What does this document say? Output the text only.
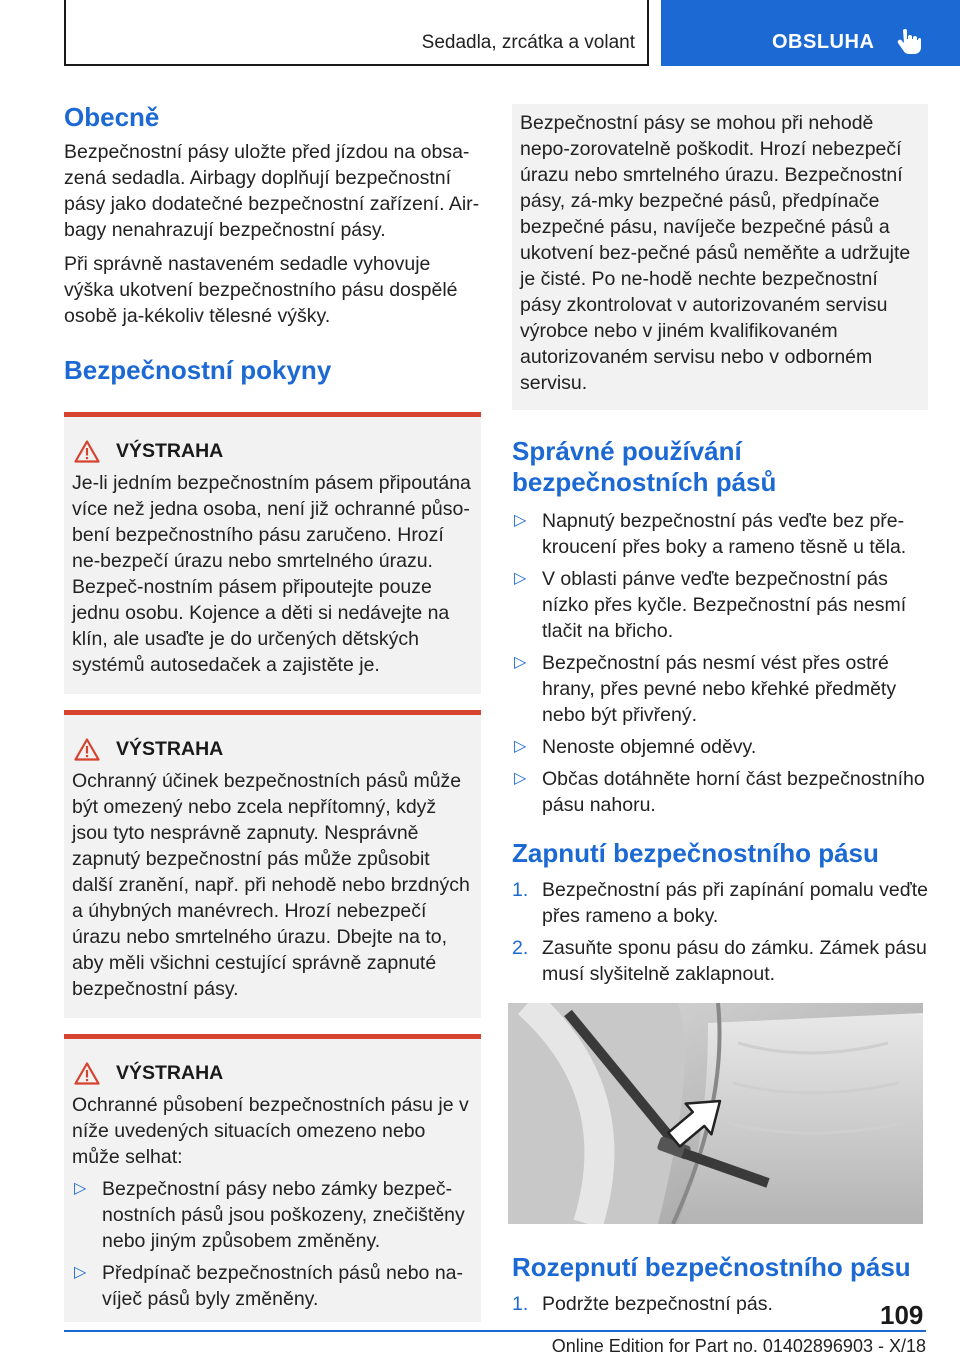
Sedadla, zrcátka a volant	OBSLUHA
Obecně
Bezpečnostní pásy uložte před jízdou na obsa-zená sedadla. Airbagy doplňují bezpečnostní pásy jako dodatečné bezpečnostní zařízení. Air-bagy nenahrazují bezpečnostní pásy.
Při správně nastaveném sedadle vyhovuje výška ukotvení bezpečnostního pásu dospělé osobě ja-kékoliv tělesné výšky.
Bezpečnostní pokyny
VÝSTRAHA
Je-li jedním bezpečnostním pásem připoutána více než jedna osoba, není již ochranné půso-bení bezpečnostního pásu zaručeno. Hrozí ne-bezpečí úrazu nebo smrtelného úrazu. Bezpeč-nostním pásem připoutejte pouze jednu osobu. Kojence a děti si nedávejte na klín, ale usaďte je do určených dětských systémů autosedaček a zajistěte je.
VÝSTRAHA
Ochranný účinek bezpečnostních pásů může být omezený nebo zcela nepřítomný, když jsou tyto nesprávně zapnuty. Nesprávně zapnutý bezpečnostní pás může způsobit další zranění, např. při nehodě nebo brzdných a úhybných manévrech. Hrozí nebezpečí úrazu nebo smrtelného úrazu. Dbejte na to, aby měli všichni cestující správně zapnuté bezpečnostní pásy.
VÝSTRAHA
Ochranné působení bezpečnostních pásu je v níže uvedených situacích omezeno nebo může selhat:
▷ Bezpečnostní pásy nebo zámky bezpeč-nostních pásů jsou poškozeny, znečištěny nebo jiným způsobem změněny.
▷ Předpínač bezpečnostních pásů nebo na-víječ pásů byly změněny.
Bezpečnostní pásy se mohou při nehodě nepo-zorovatelně poškodit. Hrozí nebezpečí úrazu nebo smrtelného úrazu. Bezpečnostní pásy, zá-mky bezpečné pásů, předpínače bezpečné pásu, navíječe bezpečné pásů a ukotvení bez-pečné pásů neměňte a udržujte je čisté. Po ne-hodě nechte bezpečnostní pásy zkontrolovat v autorizovaném servisu výrobce nebo v jiném kvalifikovaném autorizovaném servisu nebo v odborném servisu.
Správné používání bezpečnostních pásů
▷ Napnutý bezpečnostní pás veďte bez pře-kroucení přes boky a rameno těsně u těla.
▷ V oblasti pánve veďte bezpečnostní pás nízko přes kyčle. Bezpečnostní pás nesmí tlačit na břicho.
▷ Bezpečnostní pás nesmí vést přes ostré hrany, přes pevné nebo křehké předměty nebo být přivřený.
▷ Nenoste objemné oděvy.
▷ Občas dotáhněte horní část bezpečnostního pásu nahoru.
Zapnutí bezpečnostního pásu
1. Bezpečnostní pás při zapínání pomalu veďte přes rameno a boky.
2. Zasuňte sponu pásu do zámku. Zámek pásu musí slyšitelně zaklapnout.
Rozepnutí bezpečnostního pásu
1. Podržte bezpečnostní pás.	109
Online Edition for Part no. 01402896903 - X/18
